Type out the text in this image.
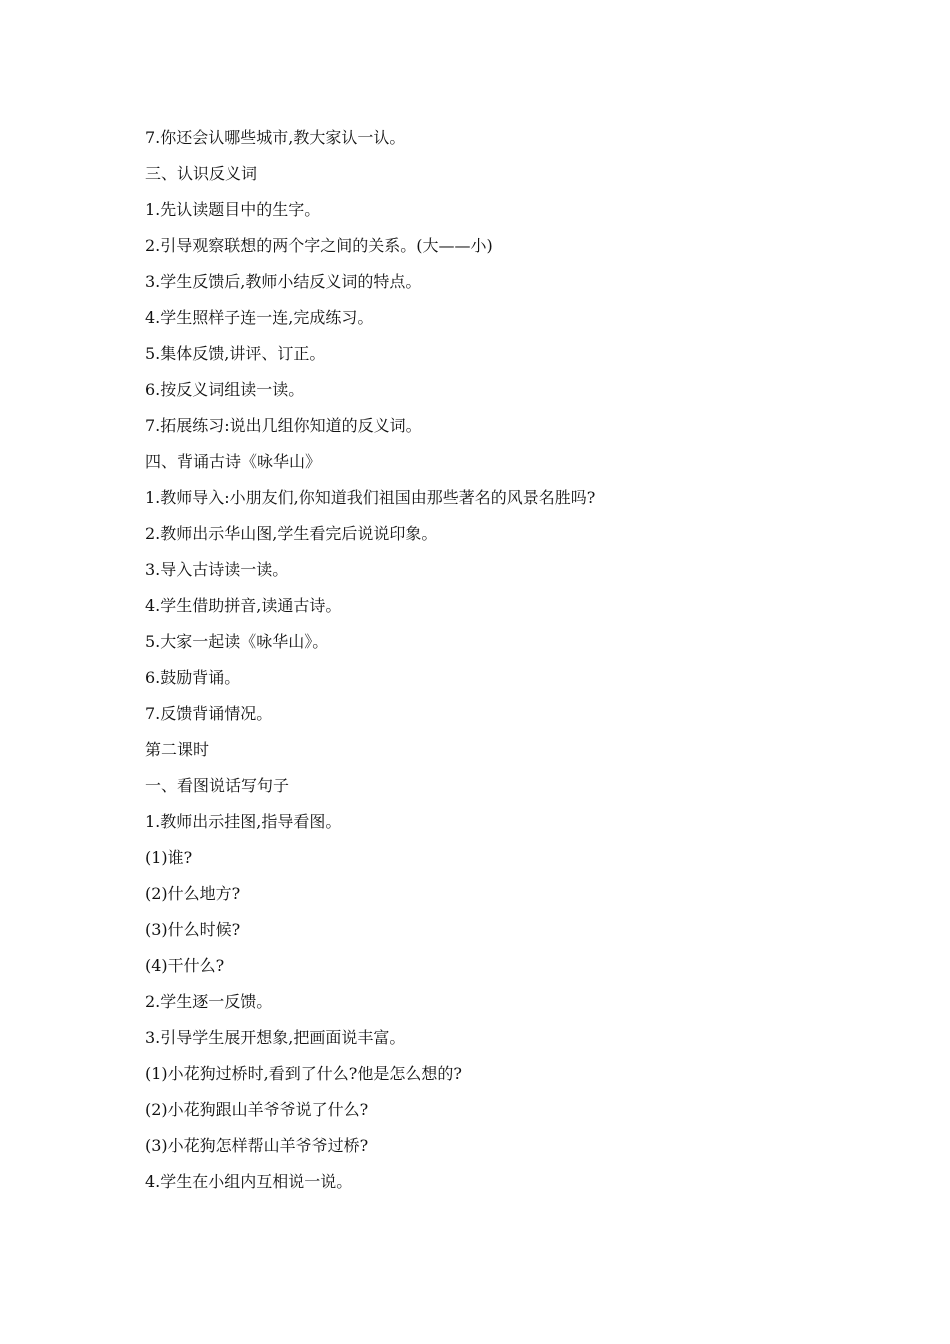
7.你还会认哪些城市,教大家认一认。
三、认识反义词
1.先认读题目中的生字。
2.引导观察联想的两个字之间的关系。(大——小)
3.学生反馈后,教师小结反义词的特点。
4.学生照样子连一连,完成练习。
5.集体反馈,讲评、订正。
6.按反义词组读一读。
7.拓展练习:说出几组你知道的反义词。
四、背诵古诗《咏华山》
1.教师导入:小朋友们,你知道我们祖国由那些著名的风景名胜吗?
2.教师出示华山图,学生看完后说说印象。
3.导入古诗读一读。
4.学生借助拼音,读通古诗。
5.大家一起读《咏华山》。
6.鼓励背诵。
7.反馈背诵情况。
第二课时
一、看图说话写句子
1.教师出示挂图,指导看图。
(1)谁?
(2)什么地方?
(3)什么时候?
(4)干什么?
2.学生逐一反馈。
3.引导学生展开想象,把画面说丰富。
(1)小花狗过桥时,看到了什么?他是怎么想的?
(2)小花狗跟山羊爷爷说了什么?
(3)小花狗怎样帮山羊爷爷过桥?
4.学生在小组内互相说一说。
